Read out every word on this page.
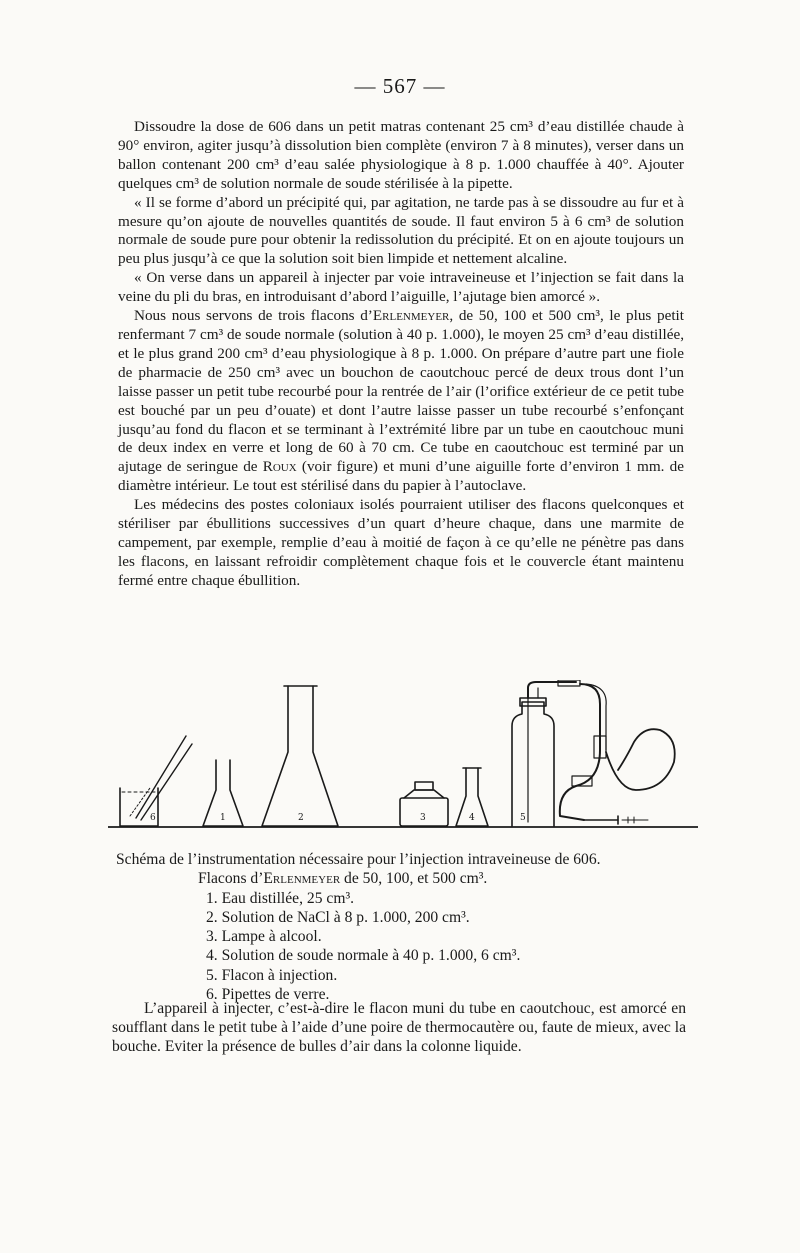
— 567 —

Dissoudre la dose de 606 dans un petit matras contenant 25 cm³ d’eau distillée chaude à 90° environ, agiter jusqu’à dissolution bien complète (environ 7 à 8 minutes), verser dans un ballon contenant 200 cm³ d’eau salée physiologique à 8 p. 1.000 chauffée à 40°. Ajouter quelques cm³ de solution normale de soude stérilisée à la pipette.

« Il se forme d’abord un précipité qui, par agitation, ne tarde pas à se dissoudre au fur et à mesure qu’on ajoute de nouvelles quantités de soude. Il faut environ 5 à 6 cm³ de solution normale de soude pure pour obtenir la redissolution du précipité. Et on en ajoute toujours un peu plus jusqu’à ce que la solution soit bien limpide et nettement alcaline.

« On verse dans un appareil à injecter par voie intraveineuse et l’injection se fait dans la veine du pli du bras, en introduisant d’abord l’aiguille, l’ajutage bien amorcé ».

Nous nous servons de trois flacons d’Erlenmeyer, de 50, 100 et 500 cm³, le plus petit renfermant 7 cm³ de soude normale (solution à 40 p. 1.000), le moyen 25 cm³ d’eau distillée, et le plus grand 200 cm³ d’eau physiologique à 8 p. 1.000. On prépare d’autre part une fiole de pharmacie de 250 cm³ avec un bouchon de caoutchouc percé de deux trous dont l’un laisse passer un petit tube recourbé pour la rentrée de l’air (l’orifice extérieur de ce petit tube est bouché par un peu d’ouate) et dont l’autre laisse passer un tube recourbé s’enfonçant jusqu’au fond du flacon et se terminant à l’extrémité libre par un tube en caoutchouc muni de deux index en verre et long de 60 à 70 cm. Ce tube en caoutchouc est terminé par un ajutage de seringue de Roux (voir figure) et muni d’une aiguille forte d’environ 1 mm. de diamètre intérieur. Le tout est stérilisé dans du papier à l’autoclave.

Les médecins des postes coloniaux isolés pourraient utiliser des flacons quelconques et stériliser par ébullitions successives d’un quart d’heure chaque, dans une marmite de campement, par exemple, remplie d’eau à moitié de façon à ce qu’elle ne pénètre pas dans les flacons, en laissant refroidir complètement chaque fois et le couvercle étant maintenu fermé entre chaque ébullition.

6	1	2	3	4	5

Schéma de l’instrumentation nécessaire pour l’injection intraveineuse de 606.

Flacons d’Erlenmeyer de 50, 100, et 500 cm³.

1. Eau distillée, 25 cm³.
2. Solution de NaCl à 8 p. 1.000, 200 cm³.
3. Lampe à alcool.
4. Solution de soude normale à 40 p. 1.000, 6 cm³.
5. Flacon à injection.
6. Pipettes de verre.

L’appareil à injecter, c’est-à-dire le flacon muni du tube en caoutchouc, est amorcé en soufflant dans le petit tube à l’aide d’une poire de thermocautère ou, faute de mieux, avec la bouche. Eviter la présence de bulles d’air dans la colonne liquide.
